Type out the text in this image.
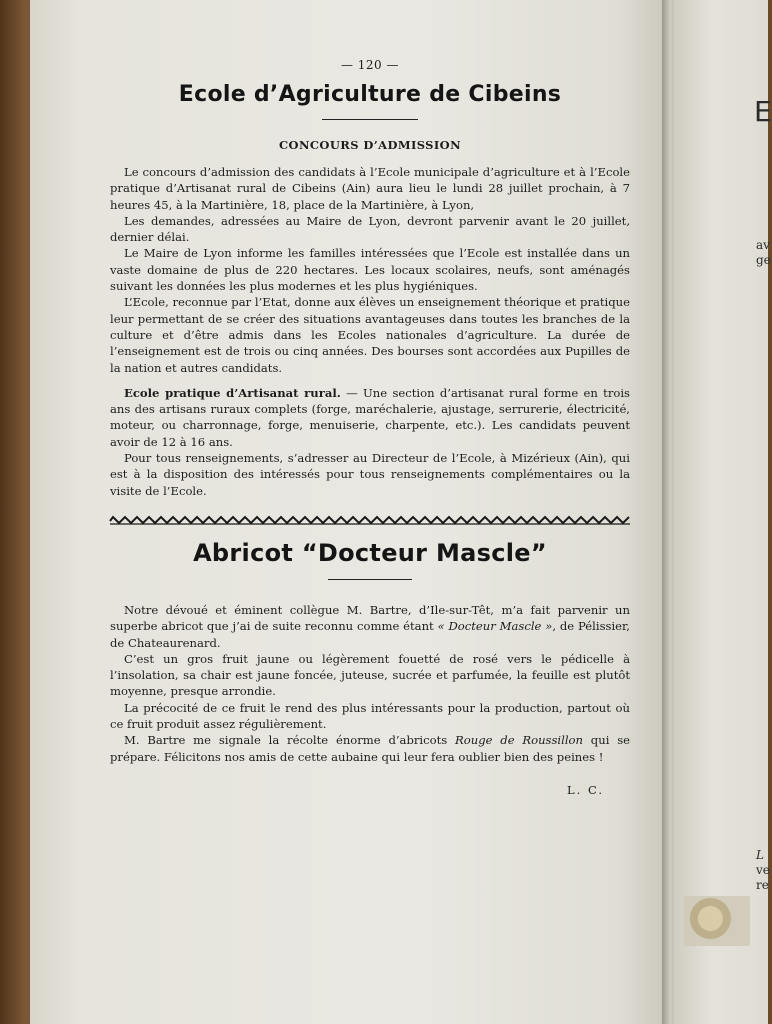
E
av
ge
L
ve
re
— 120 —
Ecole d’Agriculture de Cibeins
CONCOURS D’ADMISSION

Le concours d’admission des candidats à l’Ecole municipale d’agriculture et à l’Ecole pratique d’Artisanat rural de Cibeins (Ain) aura lieu le lundi 28 juillet prochain, à 7 heures 45, à la Martinière, 18, place de la Martinière, à Lyon,

Les demandes, adressées au Maire de Lyon, devront parvenir avant le 20 juillet, dernier délai.

Le Maire de Lyon informe les familles intéressées que l’Ecole est installée dans un vaste domaine de plus de 220 hectares. Les locaux scolaires, neufs, sont aménagés suivant les données les plus modernes et les plus hygiéniques.

L’Ecole, reconnue par l’Etat, donne aux élèves un enseignement théorique et pratique leur permettant de se créer des situations avantageuses dans toutes les branches de la culture et d’être admis dans les Ecoles nationales d’agriculture. La durée de l’enseignement est de trois ou cinq années. Des bourses sont accordées aux Pupilles de la nation et autres candidats.

Ecole pratique d’Artisanat rural. — Une section d’artisanat rural forme en trois ans des artisans ruraux complets (forge, maréchalerie, ajustage, serrurerie, électricité, moteur, ou charronnage, forge, menuiserie, charpente, etc.). Les candidats peuvent avoir de 12 à 16 ans.

Pour tous renseignements, s’adresser au Directeur de l’Ecole, à Mizérieux (Ain), qui est à la disposition des intéressés pour tous renseignements complémentaires ou la visite de l’Ecole.

Abricot “Docteur Mascle”

Notre dévoué et éminent collègue M. Bartre, d’Ile-sur-Têt, m’a fait parvenir un superbe abricot que j’ai de suite reconnu comme étant « Docteur Mascle », de Pélissier, de Chateaurenard.

C’est un gros fruit jaune ou légèrement fouetté de rosé vers le pédicelle à l’insolation, sa chair est jaune foncée, juteuse, sucrée et parfumée, la feuille est plutôt moyenne, presque arrondie.

La précocité de ce fruit le rend des plus intéressants pour la production, partout où ce fruit produit assez régulièrement.

M. Bartre me signale la récolte énorme d’abricots Rouge de Roussillon qui se prépare. Félicitons nos amis de cette aubaine qui leur fera oublier bien des peines !

L. C.
